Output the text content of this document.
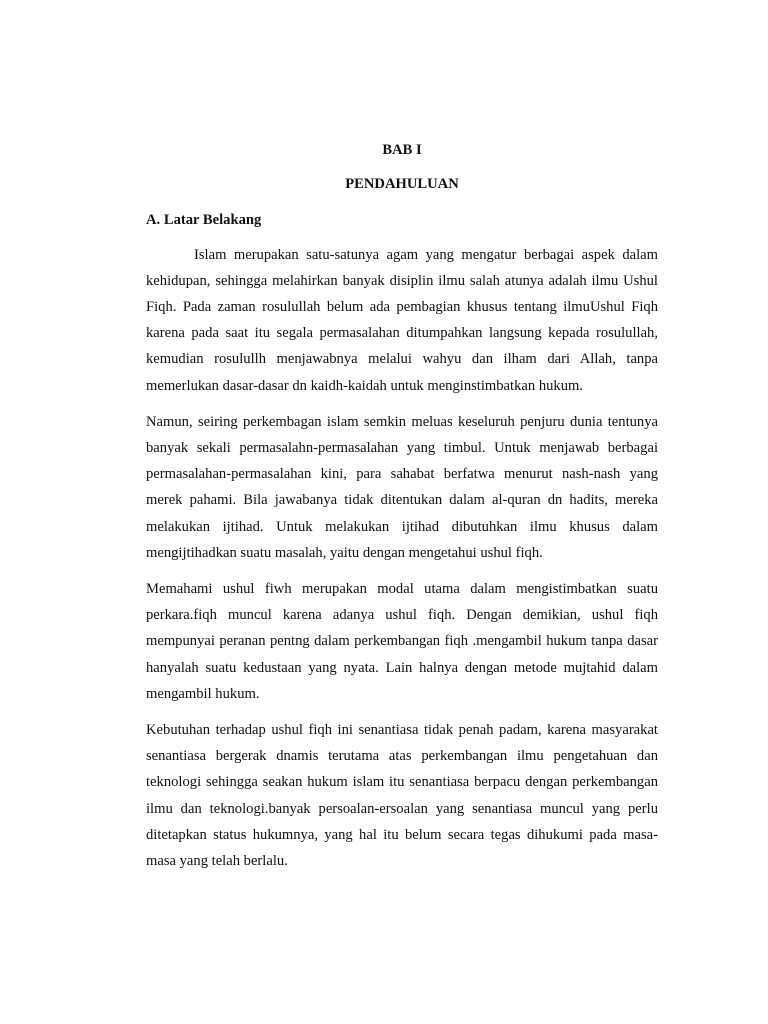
BAB I

PENDAHULUAN

A. Latar Belakang

Islam merupakan satu-satunya agam yang mengatur berbagai aspek dalam kehidupan, sehingga melahirkan banyak disiplin ilmu salah atunya adalah ilmu Ushul Fiqh. Pada zaman rosulullah belum ada pembagian khusus tentang ilmuUshul Fiqh karena pada saat itu segala permasalahan ditumpahkan langsung kepada rosulullah, kemudian rosulullh menjawabnya melalui wahyu dan ilham dari Allah, tanpa memerlukan dasar-dasar dn kaidh-kaidah untuk menginstimbatkan hukum.

Namun, seiring perkembagan islam semkin meluas keseluruh penjuru dunia tentunya banyak sekali permasalahn-permasalahan yang timbul. Untuk menjawab berbagai permasalahan-permasalahan kini, para sahabat berfatwa menurut nash-nash yang merek pahami. Bila jawabanya tidak ditentukan dalam al-quran dn hadits, mereka melakukan ijtihad. Untuk melakukan ijtihad dibutuhkan ilmu khusus dalam mengijtihadkan suatu masalah, yaitu dengan mengetahui ushul fiqh.

Memahami ushul fiwh merupakan modal utama dalam mengistimbatkan suatu perkara.fiqh muncul karena adanya ushul fiqh. Dengan demikian, ushul fiqh mempunyai peranan pentng dalam perkembangan fiqh .mengambil hukum tanpa dasar hanyalah suatu kedustaan yang nyata. Lain halnya dengan metode mujtahid dalam mengambil hukum.

Kebutuhan terhadap ushul fiqh ini senantiasa tidak penah padam, karena masyarakat senantiasa bergerak dnamis terutama atas perkembangan ilmu pengetahuan dan teknologi sehingga seakan hukum islam itu senantiasa berpacu dengan perkembangan ilmu dan teknologi.banyak persoalan-ersoalan yang senantiasa muncul yang perlu ditetapkan status hukumnya, yang hal itu belum secara tegas dihukumi pada masa-masa yang telah berlalu.
